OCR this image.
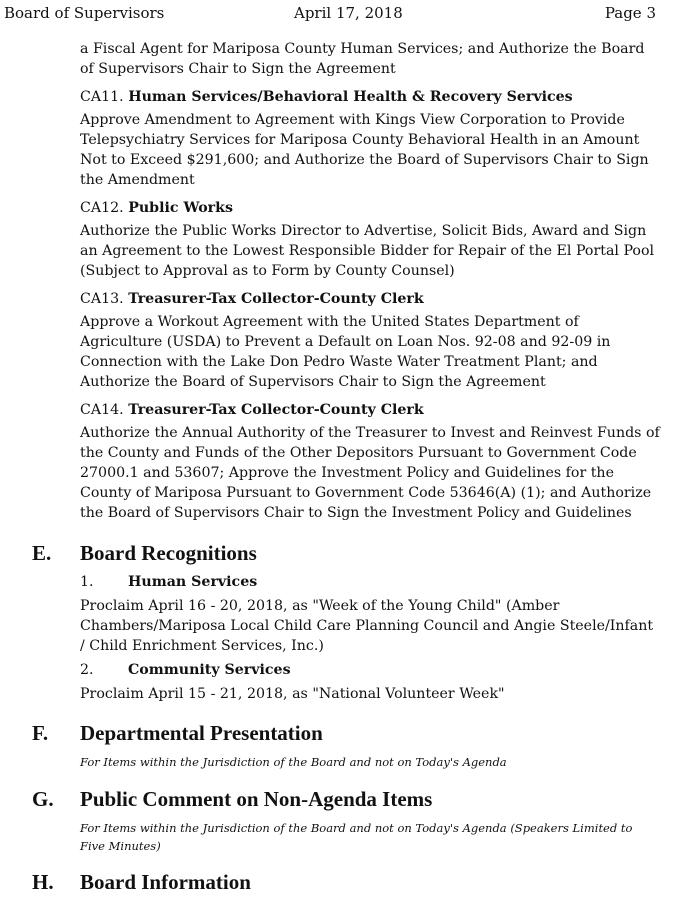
Board of Supervisors	April 17, 2018	Page 3
a Fiscal Agent for Mariposa County Human Services; and Authorize the Board of Supervisors Chair to Sign the Agreement
CA11. Human Services/Behavioral Health & Recovery Services
Approve Amendment to Agreement with Kings View Corporation to Provide Telepsychiatry Services for Mariposa County Behavioral Health in an Amount Not to Exceed $291,600; and Authorize the Board of Supervisors Chair to Sign the Amendment
CA12. Public Works
Authorize the Public Works Director to Advertise, Solicit Bids, Award and Sign an Agreement to the Lowest Responsible Bidder for Repair of the El Portal Pool (Subject to Approval as to Form by County Counsel)
CA13. Treasurer-Tax Collector-County Clerk
Approve a Workout Agreement with the United States Department of Agriculture (USDA) to Prevent a Default on Loan Nos. 92-08 and 92-09 in Connection with the Lake Don Pedro Waste Water Treatment Plant; and Authorize the Board of Supervisors Chair to Sign the Agreement
CA14. Treasurer-Tax Collector-County Clerk
Authorize the Annual Authority of the Treasurer to Invest and Reinvest Funds of the County and Funds of the Other Depositors Pursuant to Government Code 27000.1 and 53607; Approve the Investment Policy and Guidelines for the County of Mariposa Pursuant to Government Code 53646(A) (1); and Authorize the Board of Supervisors Chair to Sign the Investment Policy and Guidelines
E. Board Recognitions
1. Human Services
Proclaim April 16 - 20, 2018, as "Week of the Young Child" (Amber Chambers/Mariposa Local Child Care Planning Council and Angie Steele/Infant / Child Enrichment Services, Inc.)
2. Community Services
Proclaim April 15 - 21, 2018, as "National Volunteer Week"
F. Departmental Presentation
For Items within the Jurisdiction of the Board and not on Today's Agenda
G. Public Comment on Non-Agenda Items
For Items within the Jurisdiction of the Board and not on Today's Agenda (Speakers Limited to Five Minutes)
H. Board Information
